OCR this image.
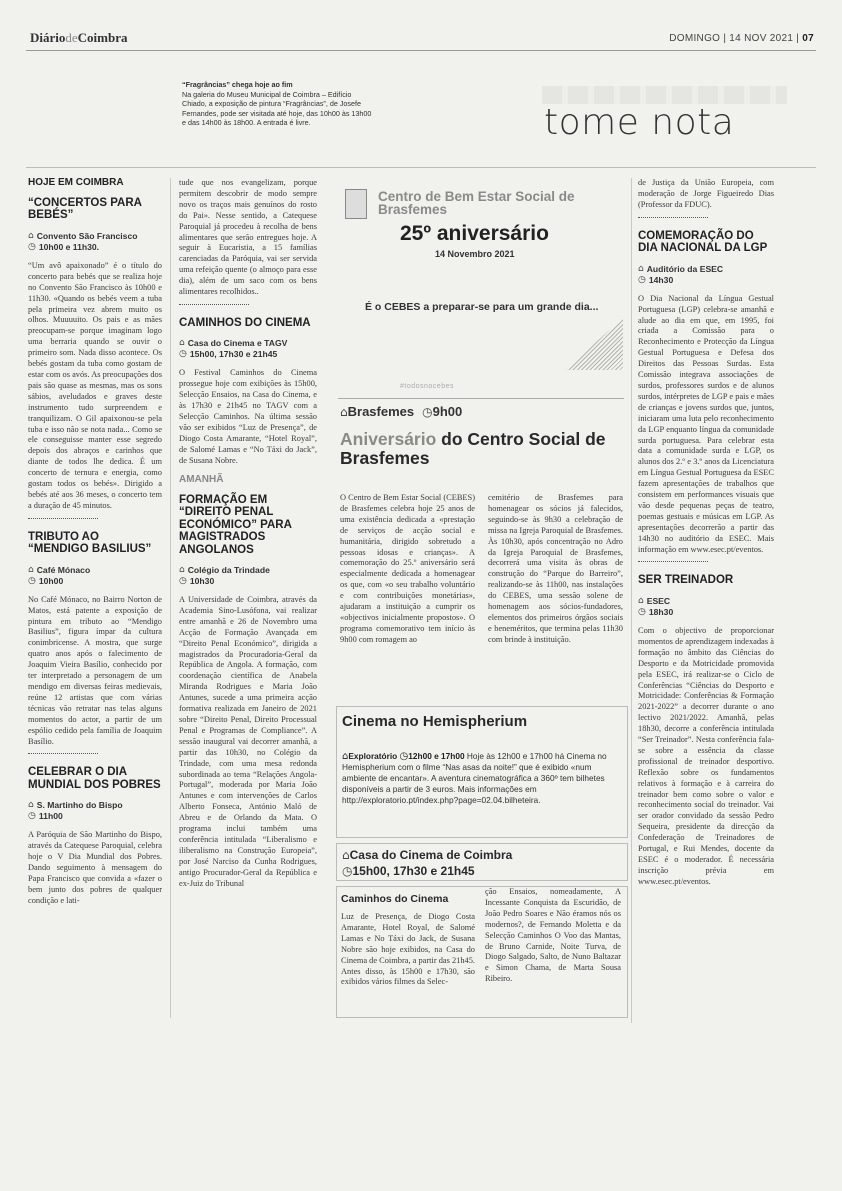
DiáriodeCoimbra	DOMINGO | 14 NOV 2021 | 07
“Fragrâncias” chega hoje ao fim
Na galeria do Museu Municipal de Coimbra – Edifício Chiado, a exposição de pintura “Fragrâncias”, de Josefe Fernandes, pode ser visitada até hoje, das 10h00 às 13h00 e das 14h00 às 18h00. A entrada é livre.	tome nota
HOJE EM COIMBRA
“CONCERTOS PARA BEBÉS”
⌂ Convento São Francisco
◷ 10h00 e 11h30.

“Um avô apaixonado” é o título do concerto para bebés que se realiza hoje no Convento São Francisco às 10h00 e 11h30. «Quando os bebés veem a tuba pela primeira vez abrem muito os olhos. Muuuuito. Os pais e as mães preocupam-se porque imaginam logo uma berraria quando se ouvir o primeiro som. Nada disso acontece. Os bebés gostam da tuba como gostam de estar com os avós. As preocupações dos pais são quase as mesmas, mas os sons sábios, aveludados e graves deste instrumento tudo surpreendem e tranquilizam. O Gil apaixonou-se pela tuba e isso não se nota nada... Como se ele conseguisse manter esse segredo depois dos abraços e carinhos que diante de todos lhe dedica. É um concerto de ternura e energia, como gostam todos os bebés». Dirigido a bebés até aos 36 meses, o concerto tem a duração de 45 minutos.

TRIBUTO AO “MENDIGO BASILIUS”
⌂ Café Mónaco
◷ 10h00

No Café Mónaco, no Bairro Norton de Matos, está patente a exposição de pintura em tributo ao “Mendigo Basilius”, figura ímpar da cultura conimbricense. A mostra, que surge quatro anos após o falecimento de Joaquim Vieira Basílio, conhecido por ter interpretado a personagem de um mendigo em diversas feiras medievais, reúne 12 artistas que com várias técnicas vão retratar nas telas alguns momentos do actor, a partir de um espólio cedido pela família de Joaquim Basílio.

CELEBRAR O DIA MUNDIAL DOS POBRES
⌂ S. Martinho do Bispo
◷ 11h00

A Paróquia de São Martinho do Bispo, através da Catequese Paroquial, celebra hoje o V Dia Mundial dos Pobres. Dando seguimento à mensagem do Papa Francisco que convida a «fazer o bem junto dos pobres de qualquer condição e lati-

tude que nos evangelizam, porque permitem descobrir de modo sempre novo os traços mais genuínos do rosto do Pai». Nesse sentido, a Catequese Paroquial já procedeu à recolha de bens alimentares que serão entregues hoje. A seguir à Eucaristia, a 15 famílias carenciadas da Paróquia, vai ser servida uma refeição quente (o almoço para esse dia), além de um saco com os bens alimentares recolhidos..

CAMINHOS DO CINEMA
⌂ Casa do Cinema e TAGV
◷ 15h00, 17h30 e 21h45

O Festival Caminhos do Cinema prossegue hoje com exibições às 15h00, Selecção Ensaios, na Casa do Cinema, e às 17h30 e 21h45 no TAGV com a Selecção Caminhos. Na última sessão vão ser exibidos “Luz de Presença”, de Diogo Costa Amarante, “Hotel Royal”, de Salomé Lamas e “No Táxi do Jack”, de Susana Nobre.

AMANHÃ
FORMAÇÃO EM “DIREITO PENAL ECONÓMICO” PARA MAGISTRADOS ANGOLANOS
⌂ Colégio da Trindade
◷ 10h30

A Universidade de Coimbra, através da Academia Sino-Lusófona, vai realizar entre amanhã e 26 de Novembro uma Acção de Formação Avançada em “Direito Penal Económico”, dirigida a magistrados da Procuradoria-Geral da República de Angola. A formação, com coordenação científica de Anabela Miranda Rodrigues e Maria João Antunes, sucede a uma primeira acção formativa realizada em Janeiro de 2021 sobre “Direito Penal, Direito Processual Penal e Programas de Compliance”. A sessão inaugural vai decorrer amanhã, a partir das 10h30, no Colégio da Trindade, com uma mesa redonda subordinada ao tema “Relações Angola-Portugal”, moderada por Maria João Antunes e com intervenções de Carlos Alberto Fonseca, António Maló de Abreu e de Orlando da Mata. O programa inclui também uma conferência intitulada “Liberalismo e iliberalismo na Construção Europeia”, por José Narciso da Cunha Rodrigues, antigo Procurador-Geral da República e ex-Juiz do Tribunal

Centro de Bem Estar Social de Brasfemes
25º aniversário
14 Novembro 2021
É o CEBES a preparar-se para um grande dia...
#todosnocebes
⌂Brasfemes ◷9h00
Aniversário do Centro Social de Brasfemes

O Centro de Bem Estar Social (CEBES) de Brasfemes celebra hoje 25 anos de uma existência dedicada a «prestação de serviços de acção social e humanitária, dirigido sobretudo a pessoas idosas e crianças». A comemoração do 25.º aniversário será especialmente dedicada a homenagear os que, com «o seu trabalho voluntário e com contribuições monetárias», ajudaram a instituição a cumprir os «objectivos inicialmente propostos». O programa comemorativo tem início às 9h00 com romagem ao

cemitério de Brasfemes para homenagear os sócios já falecidos, seguindo-se às 9h30 a celebração de missa na Igreja Paroquial de Brasfemes. Às 10h30, após concentração no Adro da Igreja Paroquial de Brasfemes, decorrerá uma visita às obras de construção do “Parque do Barreiro”, realizando-se às 11h00, nas instalações do CEBES, uma sessão solene de homenagem aos sócios-fundadores, elementos dos primeiros órgãos sociais e beneméritos, que termina pelas 11h30 com brinde à instituição.

Cinema no Hemispherium
⌂Exploratório ◷12h00 e 17h00 Hoje às 12h00 e 17h00 há Cinema no Hemispherium com o filme “Nas asas da noite!” que é exibido «num ambiente de encantar». A aventura cinematográfica a 360º tem bilhetes disponíveis a partir de 3 euros. Mais informações em http://exploratorio.pt/index.php?page=02.04.bilheteira.
⌂Casa do Cinema de Coimbra
◷15h00, 17h30 e 21h45
Caminhos do Cinema

Luz de Presença, de Diogo Costa Amarante, Hotel Royal, de Salomé Lamas e No Táxi do Jack, de Susana Nobre são hoje exibidos, na Casa do Cinema de Coimbra, a partir das 21h45. Antes disso, às 15h00 e 17h30, são exibidos vários filmes da Selec-

ção Ensaios, nomeadamente, A Incessante Conquista da Escuridão, de João Pedro Soares e Não éramos nós os modernos?, de Fernando Moletta e da Selecção Caminhos O Voo das Mantas, de Bruno Carnide, Noite Turva, de Diogo Salgado, Salto, de Nuno Baltazar e Simon Chama, de Marta Sousa Ribeiro.

de Justiça da União Europeia, com moderação de Jorge Figueiredo Dias (Professor da FDUC).

COMEMORAÇÃO DO DIA NACIONAL DA LGP
⌂ Auditório da ESEC
◷ 14h30

O Dia Nacional da Língua Gestual Portuguesa (LGP) celebra-se amanhã e alude ao dia em que, em 1995, foi criada a Comissão para o Reconhecimento e Protecção da Língua Gestual Portuguesa e Defesa dos Direitos das Pessoas Surdas. Esta Comissão integrava associações de surdos, professores surdos e de alunos surdos, intérpretes de LGP e pais e mães de crianças e jovens surdos que, juntos, iniciaram uma luta pelo reconhecimento da LGP enquanto língua da comunidade surda portuguesa. Para celebrar esta data a comunidade surda e LGP, os alunos dos 2.º e 3.º anos da Licenciatura em Língua Gestual Portuguesa da ESEC fazem apresentações de trabalhos que consistem em performances visuais que vão desde pequenas peças de teatro, poemas gestuais e músicas em LGP. As apresentações decorrerão a partir das 14h30 no auditório da ESEC. Mais informação em www.esec.pt/eventos.

SER TREINADOR
⌂ ESEC
◷ 18h30

Com o objectivo de proporcionar momentos de aprendizagem indexadas à formação no âmbito das Ciências do Desporto e da Motricidade promovida pela ESEC, irá realizar-se o Ciclo de Conferências “Ciências do Desporto e Motricidade: Conferências & Formação 2021-2022” a decorrer durante o ano lectivo 2021/2022. Amanhã, pelas 18h30, decorre a conferência intitulada “Ser Treinador”. Nesta conferência fala-se sobre a essência da classe profissional de treinador desportivo. Reflexão sobre os fundamentos relativos à formação e à carreira do treinador bem como sobre o valor e reconhecimento social do treinador. Vai ser orador convidado da sessão Pedro Sequeira, presidente da direcção da Confederação de Treinadores de Portugal, e Rui Mendes, docente da ESEC é o moderador. É necessária inscrição prévia em www.esec.pt/eventos.
